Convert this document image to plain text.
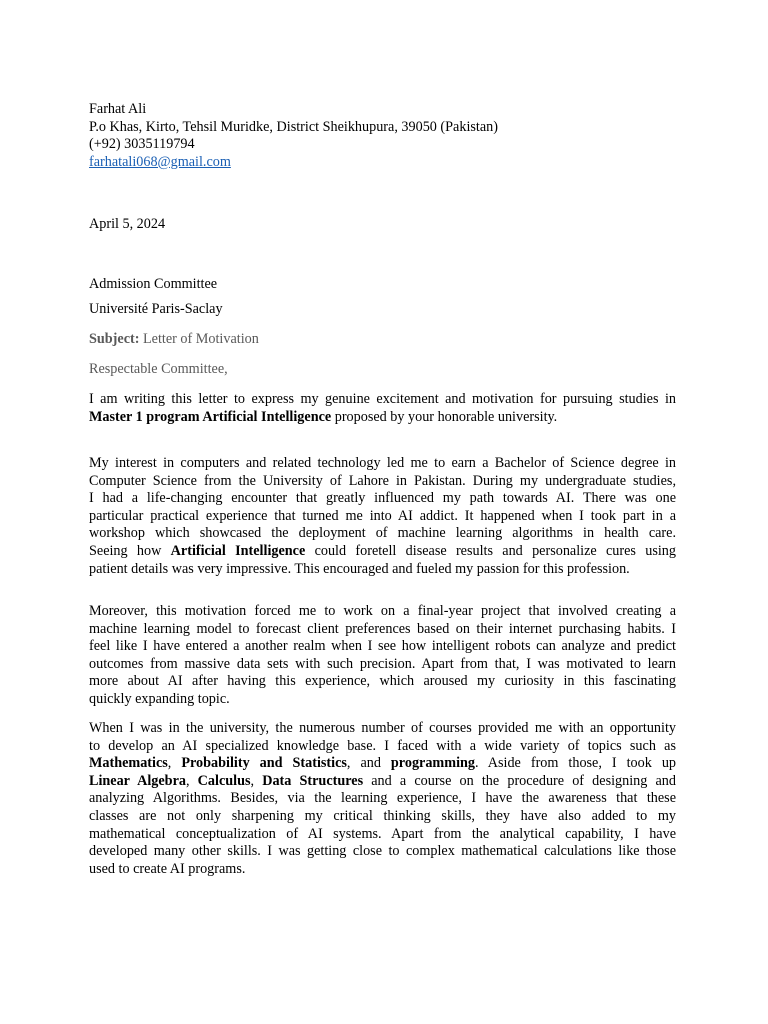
Farhat Ali
P.o Khas, Kirto, Tehsil Muridke, District Sheikhupura, 39050 (Pakistan)
(+92) 3035119794
farhatali068@gmail.com
April 5, 2024
Admission Committee
Université Paris-Saclay
Subject: Letter of Motivation
Respectable Committee,
I am writing this letter to express my genuine excitement and motivation for pursuing studies in
Master 1 program Artificial Intelligence proposed by your honorable university.
My interest in computers and related technology led me to earn a Bachelor of Science degree in
Computer Science from the University of Lahore in Pakistan. During my undergraduate studies,
I had a life-changing encounter that greatly influenced my path towards AI. There was one
particular practical experience that turned me into AI addict. It happened when I took part in a
workshop which showcased the deployment of machine learning algorithms in health care.
Seeing how Artificial Intelligence could foretell disease results and personalize cures using
patient details was very impressive. This encouraged and fueled my passion for this profession.
Moreover, this motivation forced me to work on a final-year project that involved creating a
machine learning model to forecast client preferences based on their internet purchasing habits. I
feel like I have entered a another realm when I see how intelligent robots can analyze and predict
outcomes from massive data sets with such precision. Apart from that, I was motivated to learn
more about AI after having this experience, which aroused my curiosity in this fascinating
quickly expanding topic.
When I was in the university, the numerous number of courses provided me with an opportunity
to develop an AI specialized knowledge base. I faced with a wide variety of topics such as
Mathematics, Probability and Statistics, and programming. Aside from those, I took up
Linear Algebra, Calculus, Data Structures and a course on the procedure of designing and
analyzing Algorithms. Besides, via the learning experience, I have the awareness that these
classes are not only sharpening my critical thinking skills, they have also added to my
mathematical conceptualization of AI systems. Apart from the analytical capability, I have
developed many other skills. I was getting close to complex mathematical calculations like those
used to create AI programs.
